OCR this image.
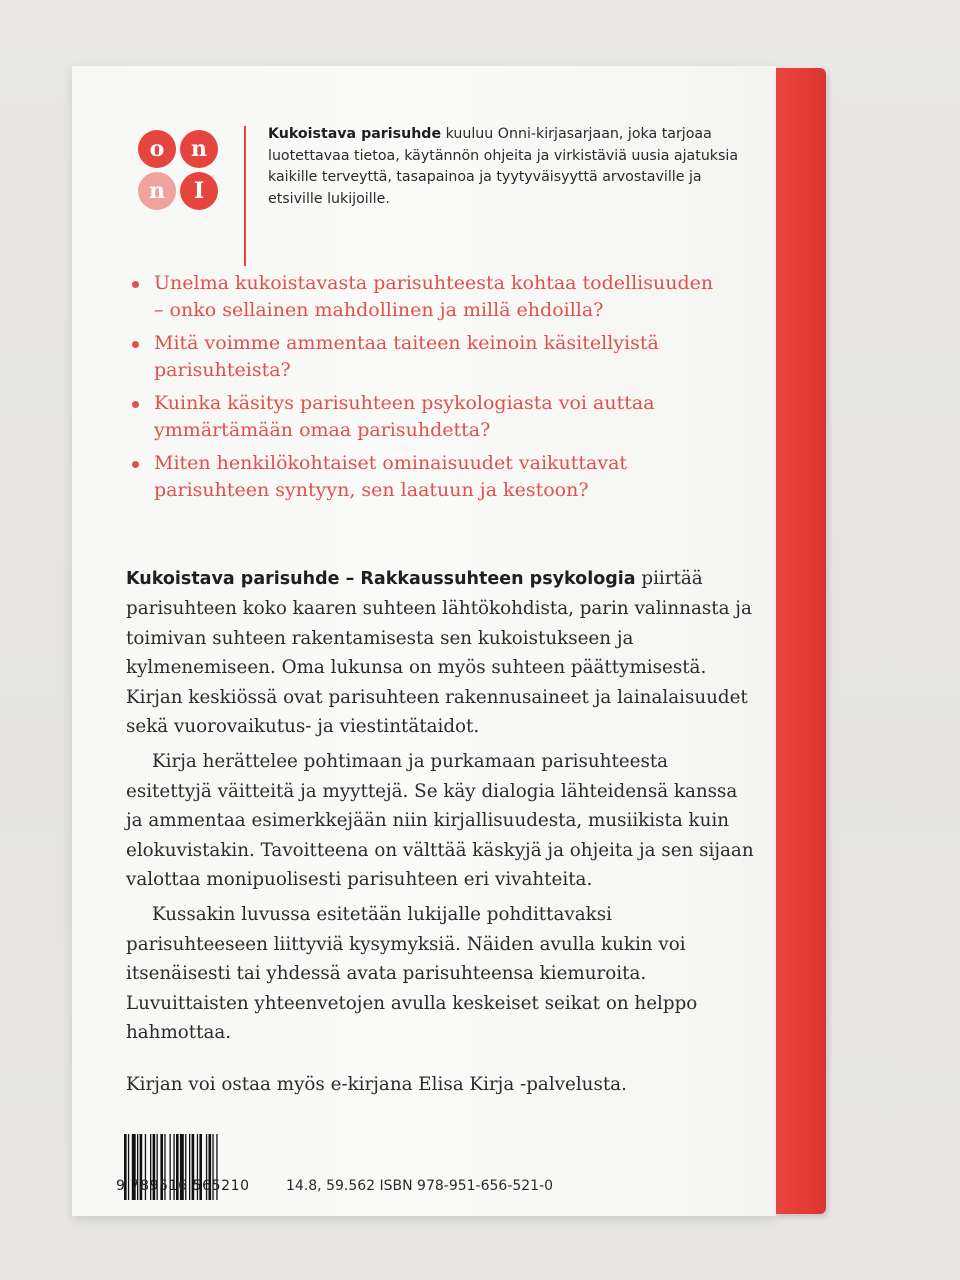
o n
n I
Kukoistava parisuhde kuuluu Onni-kirjasarjaan, joka tarjoaa luotettavaa tietoa, käytännön ohjeita ja virkistäviä uusia ajatuksia kaikille terveyttä, tasapainoa ja tyytyväisyyttä arvostaville ja etsiville lukijoille.
Unelma kukoistavasta parisuhteesta kohtaa todellisuuden – onko sellainen mahdollinen ja millä ehdoilla?
Mitä voimme ammentaa taiteen keinoin käsitellyistä parisuhteista?
Kuinka käsitys parisuhteen psykologiasta voi auttaa ymmärtämään omaa parisuhdetta?
Miten henkilökohtaiset ominaisuudet vaikuttavat parisuhteen syntyyn, sen laatuun ja kestoon?

Kukoistava parisuhde – Rakkaussuhteen psykologia piirtää parisuhteen koko kaaren suhteen lähtökohdista, parin valinnasta ja toimivan suhteen rakentamisesta sen kukoistukseen ja kylmenemiseen. Oma lukunsa on myös suhteen päättymisestä. Kirjan keskiössä ovat parisuhteen rakennusaineet ja lainalaisuudet sekä vuorovaikutus- ja viestintätaidot.

Kirja herättelee pohtimaan ja purkamaan parisuhteesta esitettyjä väitteitä ja myyttejä. Se käy dialogia lähteidensä kanssa ja ammentaa esimerkkejään niin kirjallisuudesta, musiikista kuin elokuvistakin. Tavoitteena on välttää käskyjä ja ohjeita ja sen sijaan valottaa monipuolisesti parisuhteen eri vivahteita.

Kussakin luvussa esitetään lukijalle pohdittavaksi parisuhteeseen liittyviä kysymyksiä. Näiden avulla kukin voi itsenäisesti tai yhdessä avata parisuhteensa kiemuroita. Luvuittaisten yhteenvetojen avulla keskeiset seikat on helppo hahmottaa.

Kirjan voi ostaa myös e-kirjana Elisa Kirja -palvelusta.

9 789516 565210	14.8, 59.562 ISBN 978-951-656-521-0
